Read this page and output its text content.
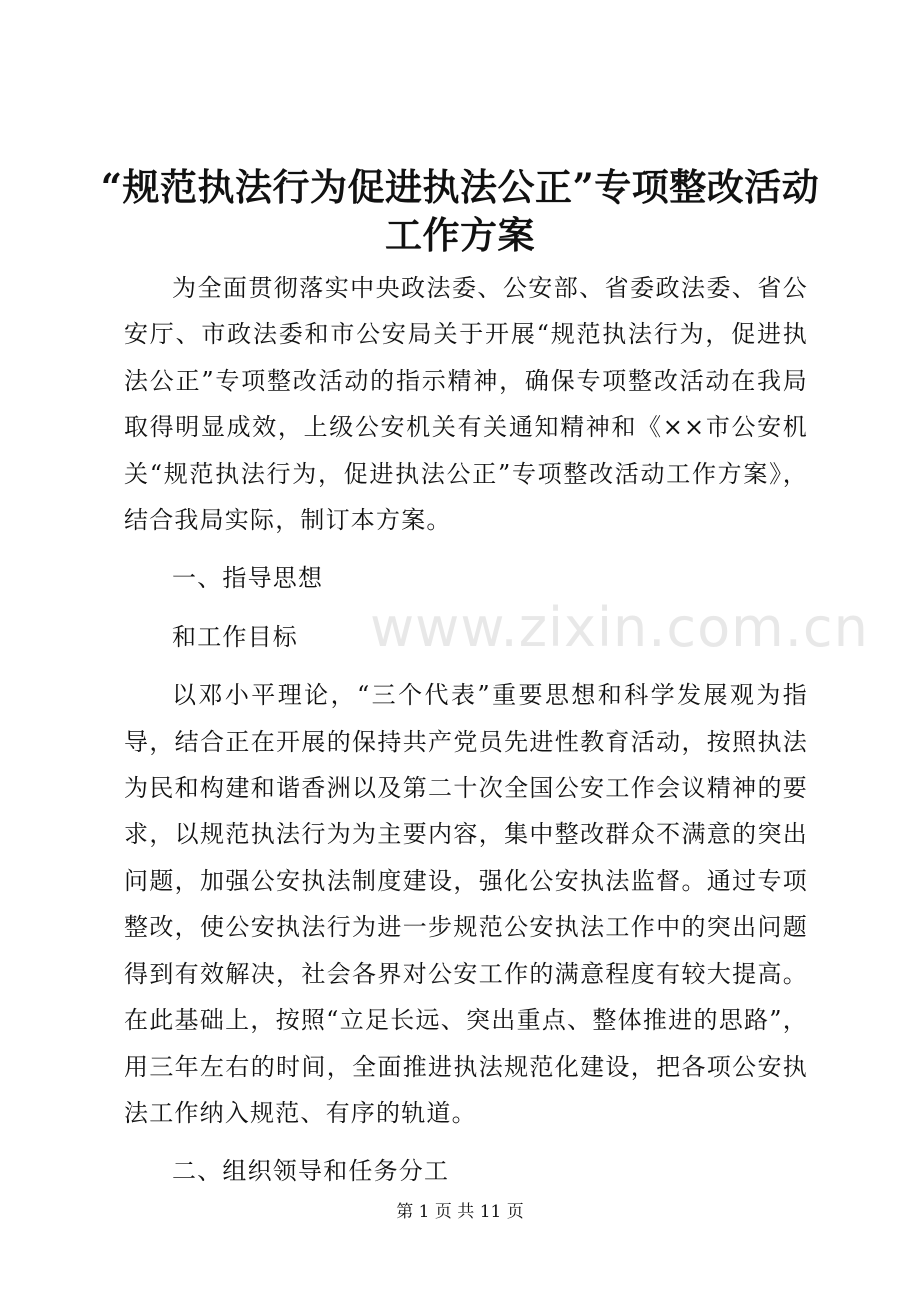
“规范执法行为促进执法公正”专项整改活动
工作方案

为全面贯彻落实中央政法委、公安部、省委政法委、省公安厅、市政法委和市公安局关于开展“规范执法行为，促进执法公正”专项整改活动的指示精神，确保专项整改活动在我局取得明显成效，上级公安机关有关通知精神和《××市公安机关“规范执法行为，促进执法公正”专项整改活动工作方案》，结合我局实际，制订本方案。

一、指导思想

和工作目标

以邓小平理论，“三个代表”重要思想和科学发展观为指导，结合正在开展的保持共产党员先进性教育活动，按照执法为民和构建和谐香洲以及第二十次全国公安工作会议精神的要求，以规范执法行为为主要内容，集中整改群众不满意的突出问题，加强公安执法制度建设，强化公安执法监督。通过专项整改，使公安执法行为进一步规范公安执法工作中的突出问题得到有效解决，社会各界对公安工作的满意程度有较大提高。在此基础上，按照“立足长远、突出重点、整体推进的思路”，用三年左右的时间，全面推进执法规范化建设，把各项公安执法工作纳入规范、有序的轨道。

二、组织领导和任务分工

www.zixin.com.cn
第 1 页 共 11 页
